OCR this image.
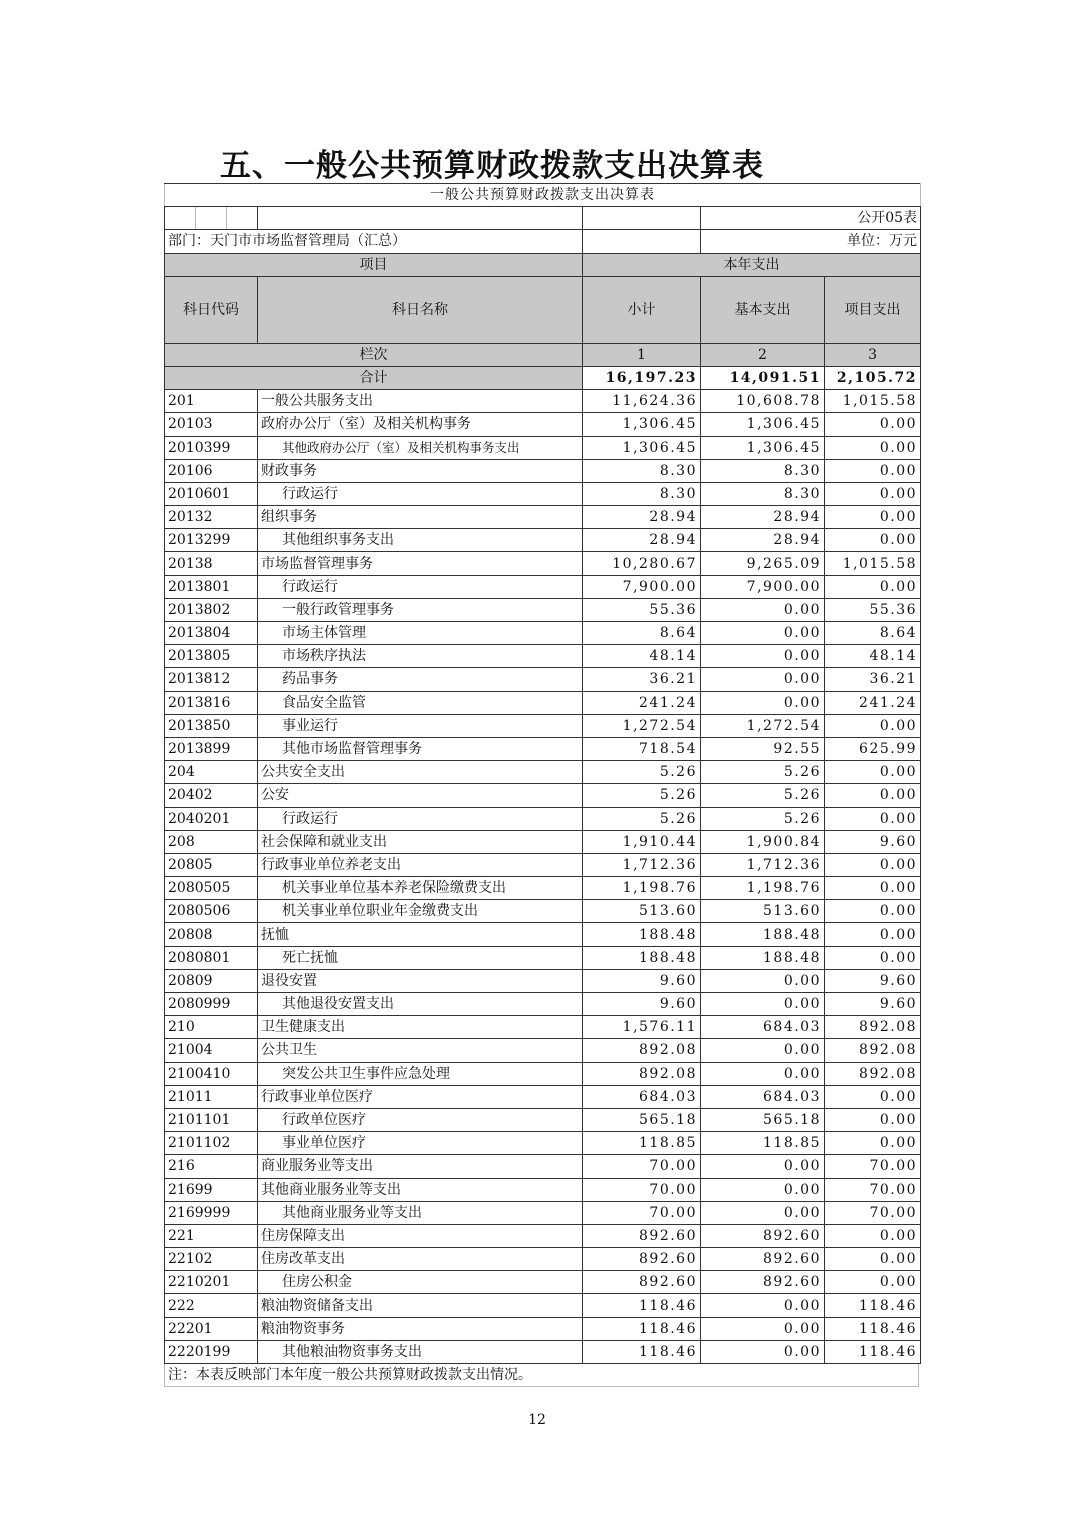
五、一般公共预算财政拨款支出决算表
一般公共预算财政拨款支出决算表				

			公开05表	
部门：天门市市场监督管理局（汇总）			单位：万元	
项目		本年支出		
科日代码	科日名称	小计	基本支出	项目支出
栏次		1	2	3
合计		16,197.23	14,091.51	2,105.72
201	一般公共服务支出	11,624.36	10,608.78	1,015.58
20103	政府办公厅（室）及相关机构事务	1,306.45	1,306.45	0.00
2010399	其他政府办公厅（室）及相关机构事务支出	1,306.45	1,306.45	0.00
20106	财政事务	8.30	8.30	0.00
2010601	行政运行	8.30	8.30	0.00
20132	组织事务	28.94	28.94	0.00
2013299	其他组织事务支出	28.94	28.94	0.00
20138	市场监督管理事务	10,280.67	9,265.09	1,015.58
2013801	行政运行	7,900.00	7,900.00	0.00
2013802	一般行政管理事务	55.36	0.00	55.36
2013804	市场主体管理	8.64	0.00	8.64
2013805	市场秩序执法	48.14	0.00	48.14
2013812	药品事务	36.21	0.00	36.21
2013816	食品安全监管	241.24	0.00	241.24
2013850	事业运行	1,272.54	1,272.54	0.00
2013899	其他市场监督管理事务	718.54	92.55	625.99
204	公共安全支出	5.26	5.26	0.00
20402	公安	5.26	5.26	0.00
2040201	行政运行	5.26	5.26	0.00
208	社会保障和就业支出	1,910.44	1,900.84	9.60
20805	行政事业单位养老支出	1,712.36	1,712.36	0.00
2080505	机关事业单位基本养老保险缴费支出	1,198.76	1,198.76	0.00
2080506	机关事业单位职业年金缴费支出	513.60	513.60	0.00
20808	抚恤	188.48	188.48	0.00
2080801	死亡抚恤	188.48	188.48	0.00
20809	退役安置	9.60	0.00	9.60
2080999	其他退役安置支出	9.60	0.00	9.60
210	卫生健康支出	1,576.11	684.03	892.08
21004	公共卫生	892.08	0.00	892.08
2100410	突发公共卫生事件应急处理	892.08	0.00	892.08
21011	行政事业单位医疗	684.03	684.03	0.00
2101101	行政单位医疗	565.18	565.18	0.00
2101102	事业单位医疗	118.85	118.85	0.00
216	商业服务业等支出	70.00	0.00	70.00
21699	其他商业服务业等支出	70.00	0.00	70.00
2169999	其他商业服务业等支出	70.00	0.00	70.00
221	住房保障支出	892.60	892.60	0.00
22102	住房改革支出	892.60	892.60	0.00
2210201	住房公积金	892.60	892.60	0.00
222	粮油物资储备支出	118.46	0.00	118.46
22201	粮油物资事务	118.46	0.00	118.46
2220199	其他粮油物资事务支出	118.46	0.00	118.46
注：本表反映部门本年度一般公共预算财政拨款支出情况。
12
